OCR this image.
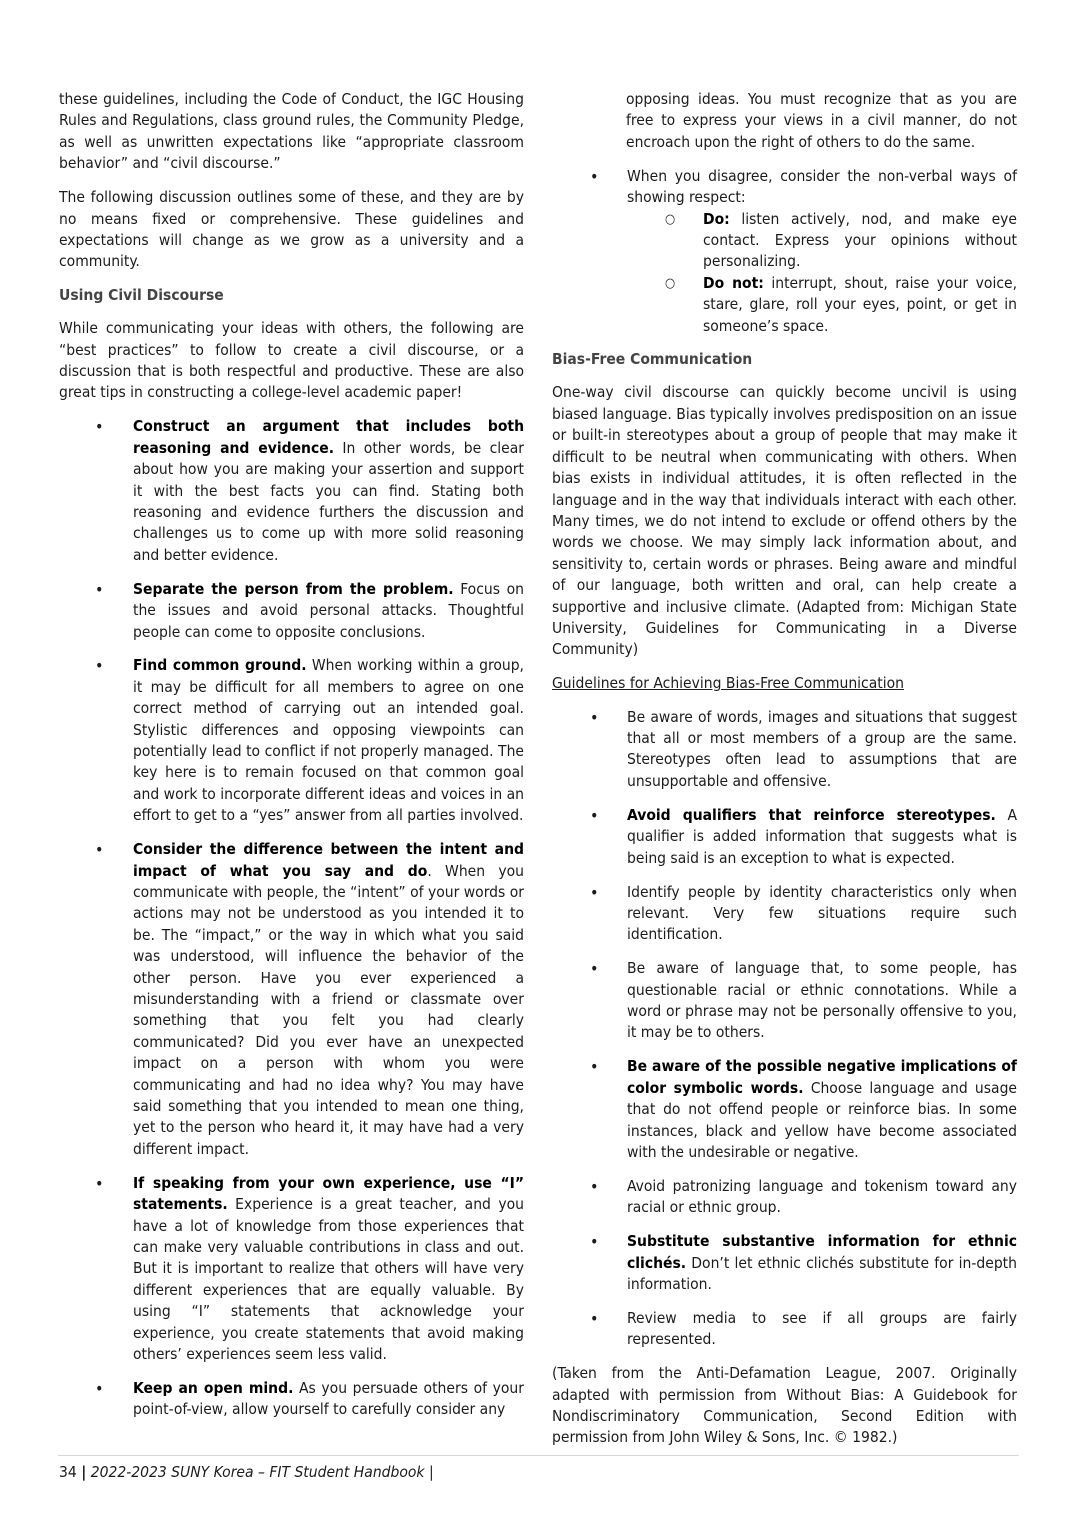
these guidelines, including the Code of Conduct, the IGC Housing Rules and Regulations, class ground rules, the Community Pledge, as well as unwritten expectations like “appropriate classroom behavior” and “civil discourse.”

The following discussion outlines some of these, and they are by no means fixed or comprehensive. These guidelines and expectations will change as we grow as a university and a community.

Using Civil Discourse

While communicating your ideas with others, the following are “best practices” to follow to create a civil discourse, or a discussion that is both respectful and productive. These are also great tips in constructing a college-level academic paper!

• Construct an argument that includes both reasoning and evidence. In other words, be clear about how you are making your assertion and support it with the best facts you can find. Stating both reasoning and evidence furthers the discussion and challenges us to come up with more solid reasoning and better evidence.
• Separate the person from the problem. Focus on the issues and avoid personal attacks. Thoughtful people can come to opposite conclusions.
• Find common ground. When working within a group, it may be difficult for all members to agree on one correct method of carrying out an intended goal. Stylistic differences and opposing viewpoints can potentially lead to conflict if not properly managed. The key here is to remain focused on that common goal and work to incorporate different ideas and voices in an effort to get to a “yes” answer from all parties involved.
• Consider the difference between the intent and impact of what you say and do. When you communicate with people, the “intent” of your words or actions may not be understood as you intended it to be. The “impact,” or the way in which what you said was understood, will influence the behavior of the other person. Have you ever experienced a misunderstanding with a friend or classmate over something that you felt you had clearly communicated? Did you ever have an unexpected impact on a person with whom you were communicating and had no idea why? You may have said something that you intended to mean one thing, yet to the person who heard it, it may have had a very different impact.
• If speaking from your own experience, use “I” statements. Experience is a great teacher, and you have a lot of knowledge from those experiences that can make very valuable contributions in class and out. But it is important to realize that others will have very different experiences that are equally valuable. By using “I” statements that acknowledge your experience, you create statements that avoid making others’ experiences seem less valid.
• Keep an open mind. As you persuade others of your point-of-view, allow yourself to carefully consider any
opposing ideas. You must recognize that as you are free to express your views in a civil manner, do not encroach upon the right of others to do the same.
• When you disagree, consider the non-verbal ways of showing respect:
○ Do: listen actively, nod, and make eye contact. Express your opinions without personalizing.
○ Do not: interrupt, shout, raise your voice, stare, glare, roll your eyes, point, or get in someone’s space.
Bias-Free Communication

One-way civil discourse can quickly become uncivil is using biased language. Bias typically involves predisposition on an issue or built-in stereotypes about a group of people that may make it difficult to be neutral when communicating with others. When bias exists in individual attitudes, it is often reflected in the language and in the way that individuals interact with each other. Many times, we do not intend to exclude or offend others by the words we choose. We may simply lack information about, and sensitivity to, certain words or phrases. Being aware and mindful of our language, both written and oral, can help create a supportive and inclusive climate. (Adapted from: Michigan State University, Guidelines for Communicating in a Diverse Community)

Guidelines for Achieving Bias-Free Communication

• Be aware of words, images and situations that suggest that all or most members of a group are the same. Stereotypes often lead to assumptions that are unsupportable and offensive.
• Avoid qualifiers that reinforce stereotypes. A qualifier is added information that suggests what is being said is an exception to what is expected.
• Identify people by identity characteristics only when relevant. Very few situations require such identification.
• Be aware of language that, to some people, has questionable racial or ethnic connotations. While a word or phrase may not be personally offensive to you, it may be to others.
• Be aware of the possible negative implications of color symbolic words. Choose language and usage that do not offend people or reinforce bias. In some instances, black and yellow have become associated with the undesirable or negative.
• Avoid patronizing language and tokenism toward any racial or ethnic group.
• Substitute substantive information for ethnic clichés. Don’t let ethnic clichés substitute for in-depth information.
• Review media to see if all groups are fairly represented.

(Taken from the Anti-Defamation League, 2007. Originally adapted with permission from Without Bias: A Guidebook for Nondiscriminatory Communication, Second Edition with permission from John Wiley & Sons, Inc. © 1982.)

34 | 2022-2023 SUNY Korea – FIT Student Handbook |
